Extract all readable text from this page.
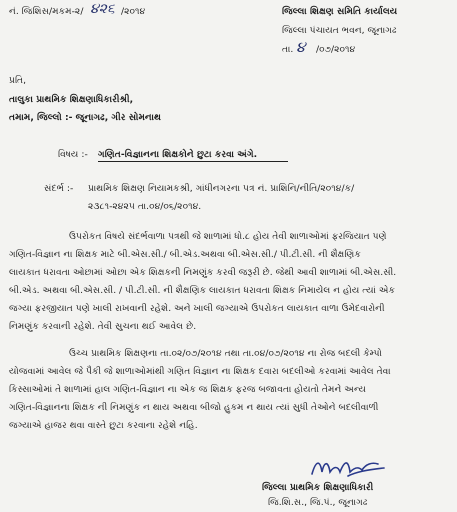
નં. જિશિસ/મકમ-૨/ ૪૨૬ /૨૦૧૪	જિલ્લા શિક્ષણ સમિતિ કાર્યાલય
જિલ્લા પંચાયત ભવન, જૂનાગઢ
તા. ૪ /૦૭/૨૦૧૪
પ્રતિ,
તાલુકા પ્રાથમિક શિક્ષણાધિકારીશ્રી,
તમામ, જિલ્લો :- જૂનાગઢ, ગીર સોમનાથ
વિષય :- ગણિત-વિજ્ઞાનના શિક્ષકોને છુટા કરવા અંગે.
સંદર્ભ :- પ્રાથમિક શિક્ષણ નિયામકશ્રી, ગાંધીનગરના પત્ર નં. પ્રાશિનિ/નીતિ/૨૦૧૪/ક/
૨૩૮૧-૨૪૨૫ તા.૦૪/૦૬/૨૦૧૪.
ઉપરોકત વિષયે સંદર્ભવાળા પત્રથી જે શાળામાં ધો.૮ હોય તેવી શાળાઓમાં ફરજિયાત પણે
ગણિત-વિજ્ઞાન ના શિક્ષક માટે બી.એસ.સી./ બી.એડ.અથવા બી.એસ.સી./ પી.ટી.સી. ની શૈક્ષણિક
લાયકાત ધરાવતા ઓછામાં ઓછા એક શિક્ષકની નિમણુંક કરવી જરૂરી છે. જેથી આવી શાળામાં બી.એસ.સી.
બી.એડ. અથવા બી.એસ.સી. / પી.ટી.સી. ની શૈક્ષણિક લાયકાત ધરાવતા શિક્ષક નિમાયેલ ન હોય ત્યાં એક
જગ્યા ફરજીયાત પણે ખાલી રાખવાની રહેશે. અને ખાલી જગ્યાએ ઉપરોકત લાયકાત વાળા ઉમેદવારોની
નિમણુંક કરવાની રહેશે. તેવી સુચના થઈ આવેલ છે.
ઉચ્ચ પ્રાથમિક શિક્ષણના તા.૦૨/૦૭/૨૦૧૪ તથા તા.૦૪/૦૭/૨૦૧૪ ના રોજ બદલી કેમ્પો
યોજવામાં આવેલ જે પૈકી જે શાળાઓમાંથી ગણિત વિજ્ઞાન ના શિક્ષક દવારા બદલીઓ કરવામાં આવેલ તેવા
કિસ્સાઓમાં તે શાળામાં હાલ ગણિત-વિજ્ઞાન ના એક જ શિક્ષક ફરજ બજાવતા હોયતો તેમને અન્ય
ગણિત-વિજ્ઞાનના શિક્ષક ની નિમણુંક ન થાય અથવા બીજો હુકમ ન થાય ત્યાં સુધી તેઓને બદલીવાળી
જગ્યાએ હાજર થવા વાસ્તે છુટા કરવાના રહેશે નહિ.
Malik
જિલ્લા પ્રાથમિક શિક્ષણાધિકારી
જિ.શિ.સ., જિ.પં., જૂનાગઢ
